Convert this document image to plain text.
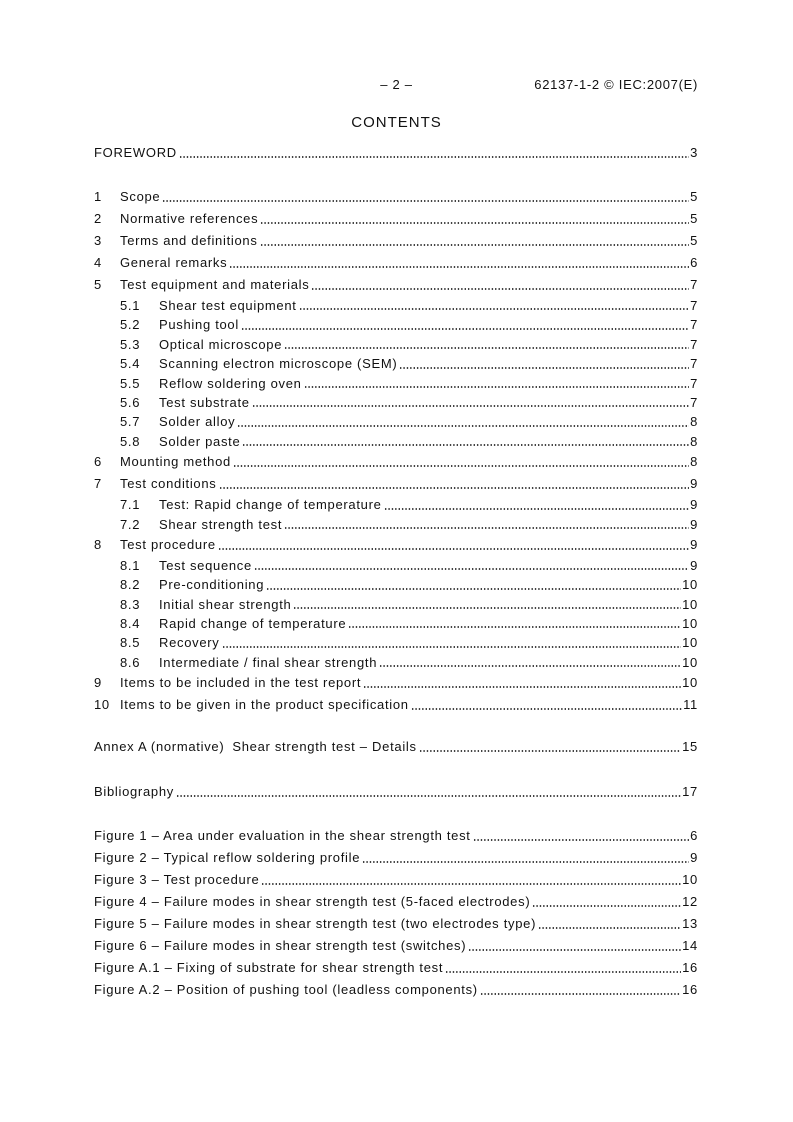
– 2 –	62137-1-2 © IEC:2007(E)
CONTENTS
FOREWORD	3
1	Scope	5
2	Normative references	5
3	Terms and definitions	5
4	General remarks	6
5	Test equipment and materials	7
5.1	Shear test equipment	7
5.2	Pushing tool	7
5.3	Optical microscope	7
5.4	Scanning electron microscope (SEM)	7
5.5	Reflow soldering oven	7
5.6	Test substrate	7
5.7	Solder alloy	8
5.8	Solder paste	8
6	Mounting method	8
7	Test conditions	9
7.1	Test: Rapid change of temperature	9
7.2	Shear strength test	9
8	Test procedure	9
8.1	Test sequence	9
8.2	Pre-conditioning	10
8.3	Initial shear strength	10
8.4	Rapid change of temperature	10
8.5	Recovery	10
8.6	Intermediate / final shear strength	10
9	Items to be included in the test report	10
10 Items to be given in the product specification	11
Annex A (normative) Shear strength test – Details	15
Bibliography	17
Figure 1 – Area under evaluation in the shear strength test	6
Figure 2 – Typical reflow soldering profile	9
Figure 3 – Test procedure	10
Figure 4 – Failure modes in shear strength test (5-faced electrodes)	12
Figure 5 – Failure modes in shear strength test (two electrodes type)	13
Figure 6 – Failure modes in shear strength test (switches)	14
Figure A.1 – Fixing of substrate for shear strength test	16
Figure A.2 – Position of pushing tool (leadless components)	16
